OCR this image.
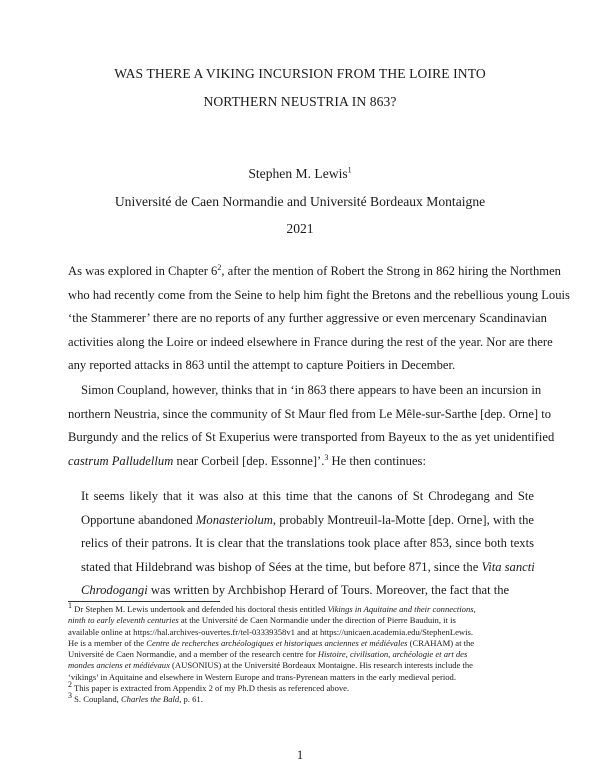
WAS THERE A VIKING INCURSION FROM THE LOIRE INTO
NORTHERN NEUSTRIA IN 863?
Stephen M. Lewis$^1$
Université de Caen Normandie and Université Bordeaux Montaigne
2021
As was explored in Chapter $6^2$, after the mention of Robert the Strong in 862 hiring the Northmen
who had recently come from the Seine to help him fight the Bretons and the rebellious young Louis
‘the Stammerer’ there are no reports of any further aggressive or even mercenary Scandinavian
activities along the Loire or indeed elsewhere in France during the rest of the year. Nor are there
any reported attacks in 863 until the attempt to capture Poitiers in December.
Simon Coupland, however, thinks that in ‘in 863 there appears to have been an incursion in
northern Neustria, since the community of St Maur fled from Le Mêle-sur-Sarthe [dep. Orne] to
Burgundy and the relics of St Exuperius were transported from Bayeux to the as yet unidentified
castrum Palludellum near Corbeil [dep. Essonne]’.$^3$ He then continues:
It seems likely that it was also at this time that the canons of St Chrodegang and Ste
Opportune abandoned Monasteriolum, probably Montreuil-la-Motte [dep. Orne], with the
relics of their patrons. It is clear that the translations took place after 853, since both texts
stated that Hildebrand was bishop of Sées at the time, but before 871, since the Vita sancti
Chrodogangi was written by Archbishop Herard of Tours. Moreover, the fact that the
$^1$ Dr Stephen M. Lewis undertook and defended his doctoral thesis entitled Vikings in Aquitaine and their connections,
ninth to early eleventh centuries at the Université de Caen Normandie under the direction of Pierre Bauduin, it is
available online at https://hal.archives-ouvertes.fr/tel-03339358v1 and at https://unicaen.academia.edu/StephenLewis.
He is a member of the Centre de recherches archéologiques et historiques anciennes et médiévales (CRAHAM) at the
Université de Caen Normandie, and a member of the research centre for Histoire, civilisation, archéologie et art des
mondes anciens et médiévaux (AUSONIUS) at the Université Bordeaux Montaigne. His research interests include the
‘vikings’ in Aquitaine and elsewhere in Western Europe and trans-Pyrenean matters in the early medieval period.
$^2$ This paper is extracted from Appendix 2 of my Ph.D thesis as referenced above.
$^3$ S. Coupland, Charles the Bald, p. 61.
1
